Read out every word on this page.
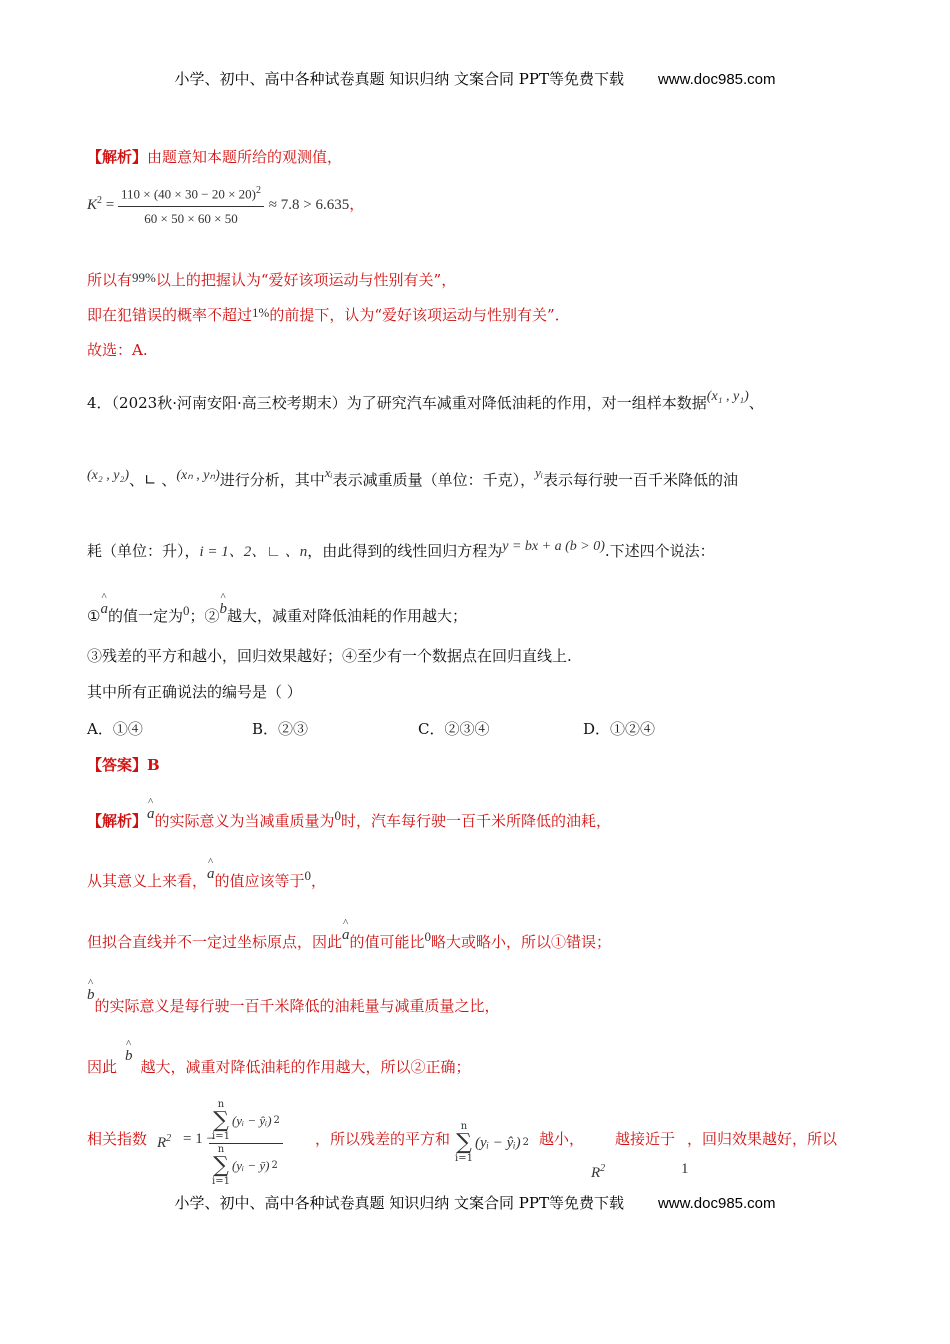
小学、初中、高中各种试卷真题 知识归纳 文案合同 PPT等免费下载 www.doc985.com
【解析】由题意知本题所给的观测值，
$K^2 = \frac{110 \times (40 \times 30 - 20 \times 20)^2}{60 \times 50 \times 60 \times 50} \approx 7.8 > 6.635$，
所以有99%以上的把握认为“爱好该项运动与性别有关”，
即在犯错误的概率不超过1%的前提下，认为“爱好该项运动与性别有关”．
故选：A.
4．（2023秋·河南安阳·高三校考期末）为了研究汽车减重对降低油耗的作用，对一组样本数据(x₁ , y₁)、
(x₂ , y₂)、∟ 、(xₙ , yₙ)进行分析，其中xᵢ表示减重质量（单位：千克），yᵢ表示每行驶一百千米降低的油
耗（单位：升），i = 1、2、∟ 、n，由此得到的线性回归方程为y = bx + a (b > 0).下述四个说法：
①^ a的值一定为0；②^ b越大，减重对降低油耗的作用越大；
③残差的平方和越小，回归效果越好；④至少有一个数据点在回归直线上.
其中所有正确说法的编号是（ ）
A．①④	B．②③	C．②③④	D．①②④
【答案】B
【解析】^ a的实际意义为当减重质量为0时，汽车每行驶一百千米所降低的油耗，
从其意义上来看，^ a的值应该等于0，
但拟合直线并不一定过坐标原点，因此^ a的值可能比0略大或略小，所以①错误；
^ b的实际意义是每行驶一百千米降低的油耗量与减重质量之比，
因此^ b越大，减重对降低油耗的作用越大，所以②正确；
相关指数 $R^2 = 1$ −
n
∑
i=1
(yᵢ − ŷᵢ) 2
n
∑
i=1
(yᵢ − ȳ) 2
，所以残差的平方和
n
∑
i=1
(yᵢ − ŷᵢ) 2 越小， 越接近于 ，回归效果越好，所以
$R^2$	1
小学、初中、高中各种试卷真题 知识归纳 文案合同 PPT等免费下载 www.doc985.com
